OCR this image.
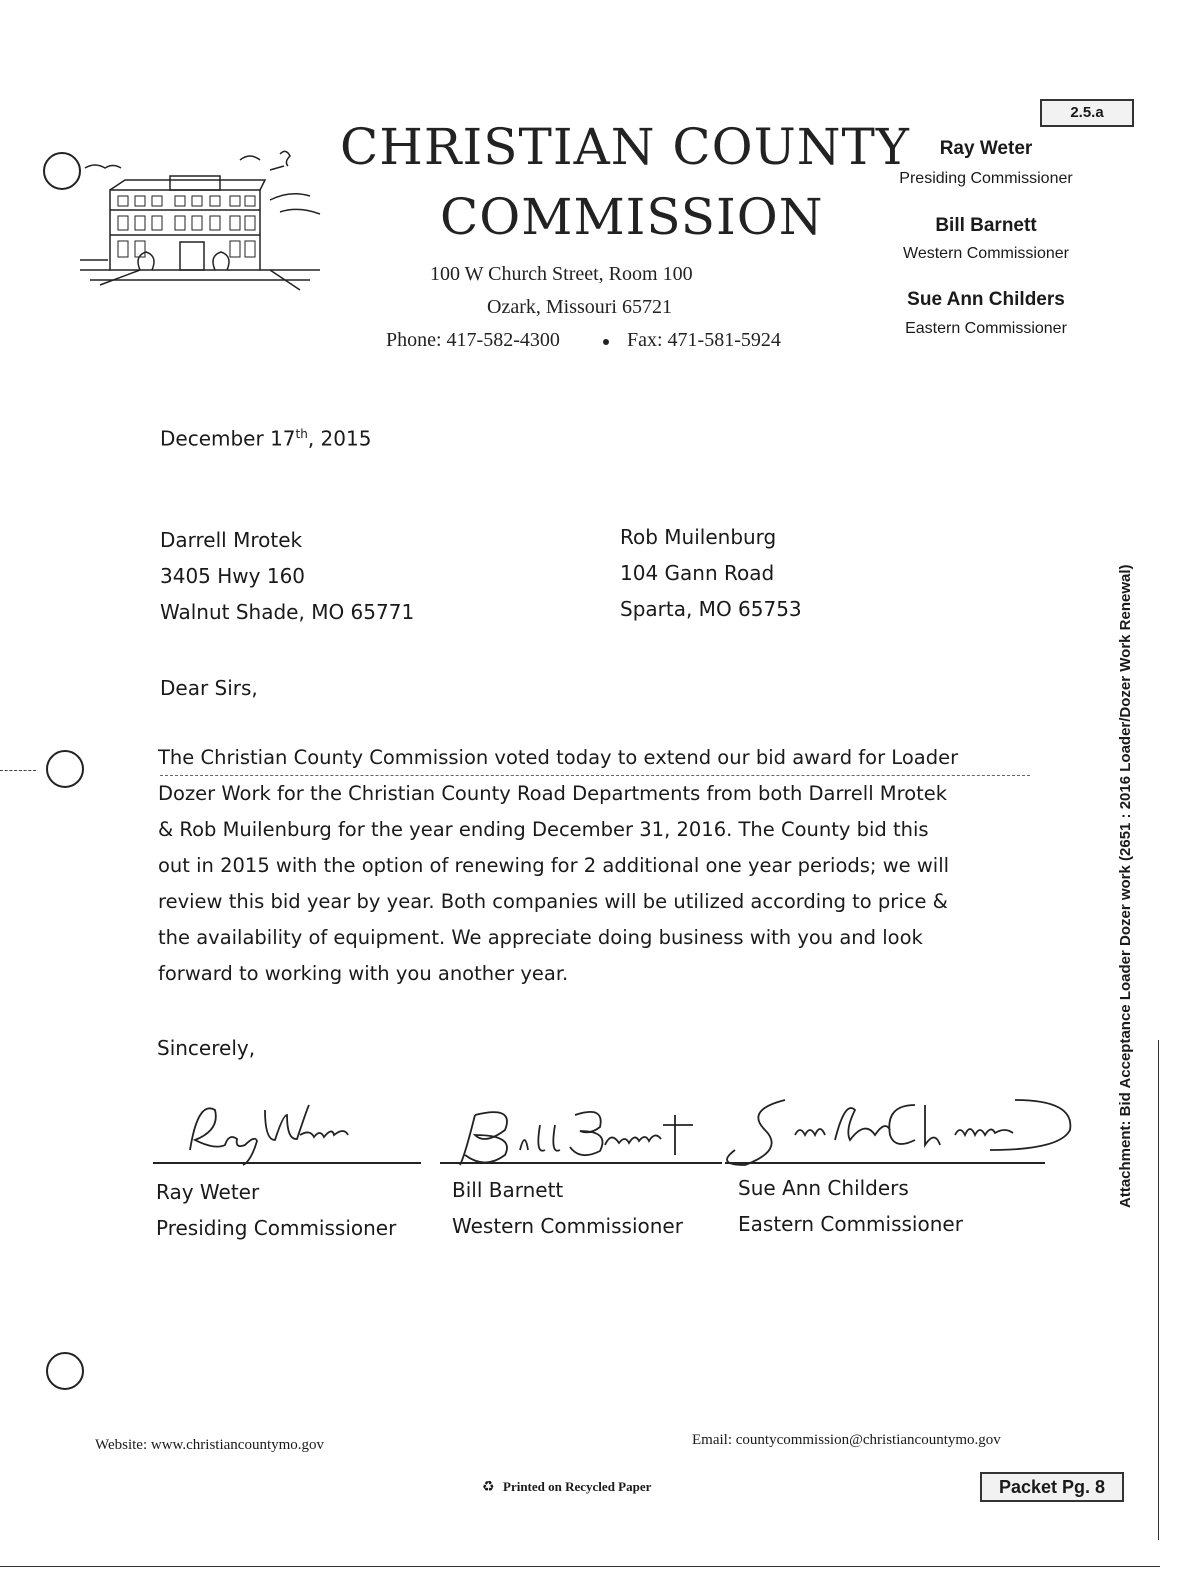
CHRISTIAN COUNTY
COMMISSION
100 W Church Street, Room 100
Ozark, Missouri 65721
Phone: 417-582-4300	Fax: 471-581-5924
2.5.a
Ray Weter
Presiding Commissioner
Bill Barnett
Western Commissioner
Sue Ann Childers
Eastern Commissioner
December 17th, 2015
Darrell Mrotek
3405 Hwy 160
Walnut Shade, MO 65771
Rob Muilenburg
104 Gann Road
Sparta, MO 65753
Dear Sirs,
The Christian County Commission voted today to extend our bid award for Loader
Dozer Work for the Christian County Road Departments from both Darrell Mrotek
& Rob Muilenburg for the year ending December 31, 2016. The County bid this
out in 2015 with the option of renewing for 2 additional one year periods; we will
review this bid year by year. Both companies will be utilized according to price &
the availability of equipment. We appreciate doing business with you and look
forward to working with you another year.
Sincerely,
Ray Weter
Presiding Commissioner
Bill Barnett
Western Commissioner
Sue Ann Childers
Eastern Commissioner
Attachment: Bid Acceptance Loader Dozer work (2651 : 2016 Loader/Dozer Work Renewal)
Website: www.christiancountymo.gov	Email: countycommission@christiancountymo.gov
♻ Printed on Recycled Paper	Packet Pg. 8
